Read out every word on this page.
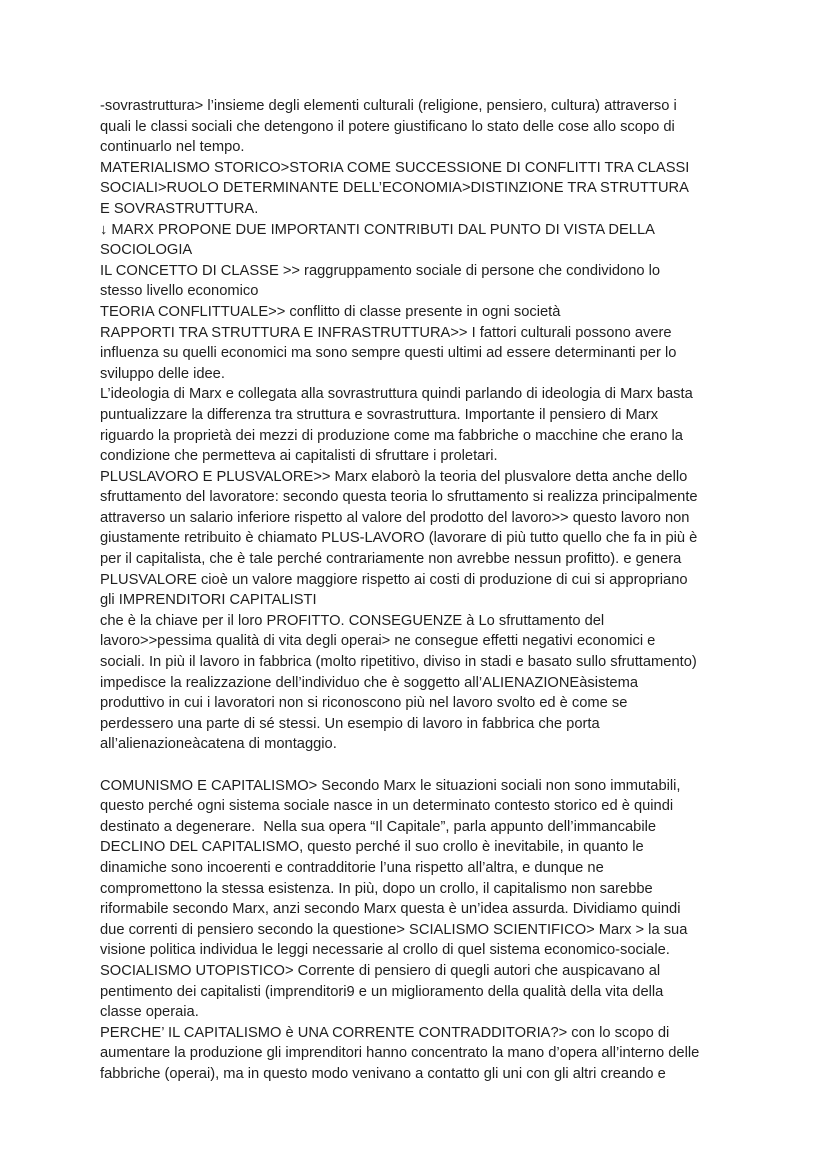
-sovrastruttura> l’insieme degli elementi culturali (religione, pensiero, cultura) attraverso i

quali le classi sociali che detengono il potere giustificano lo stato delle cose allo scopo di

continuarlo nel tempo.

MATERIALISMO STORICO>STORIA COME SUCCESSIONE DI CONFLITTI TRA CLASSI

SOCIALI>RUOLO DETERMINANTE DELL’ECONOMIA>DISTINZIONE TRA STRUTTURA

E SOVRASTRUTTURA.

↓ MARX PROPONE DUE IMPORTANTI CONTRIBUTI DAL PUNTO DI VISTA DELLA

SOCIOLOGIA

IL CONCETTO DI CLASSE >> raggruppamento sociale di persone che condividono lo

stesso livello economico

TEORIA CONFLITTUALE>> conflitto di classe presente in ogni società

RAPPORTI TRA STRUTTURA E INFRASTRUTTURA>> I fattori culturali possono avere

influenza su quelli economici ma sono sempre questi ultimi ad essere determinanti per lo

sviluppo delle idee.

L’ideologia di Marx e collegata alla sovrastruttura quindi parlando di ideologia di Marx basta

puntualizzare la differenza tra struttura e sovrastruttura. Importante il pensiero di Marx

riguardo la proprietà dei mezzi di produzione come ma fabbriche o macchine che erano la

condizione che permetteva ai capitalisti di sfruttare i proletari.

PLUSLAVORO E PLUSVALORE>> Marx elaborò la teoria del plusvalore detta anche dello

sfruttamento del lavoratore: secondo questa teoria lo sfruttamento si realizza principalmente

attraverso un salario inferiore rispetto al valore del prodotto del lavoro>> questo lavoro non

giustamente retribuito è chiamato PLUS-LAVORO (lavorare di più tutto quello che fa in più è

per il capitalista, che è tale perché contrariamente non avrebbe nessun profitto). e genera

PLUSVALORE cioè un valore maggiore rispetto ai costi di produzione di cui si appropriano

gli IMPRENDITORI CAPITALISTI

che è la chiave per il loro PROFITTO. CONSEGUENZE à Lo sfruttamento del

lavoro>>pessima qualità di vita degli operai> ne consegue effetti negativi economici e

sociali. In più il lavoro in fabbrica (molto ripetitivo, diviso in stadi e basato sullo sfruttamento)

impedisce la realizzazione dell’individuo che è soggetto all’ALIENAZIONEàsistema

produttivo in cui i lavoratori non si riconoscono più nel lavoro svolto ed è come se

perdessero una parte di sé stessi. Un esempio di lavoro in fabbrica che porta

all’alienazioneàcatena di montaggio.

COMUNISMO E CAPITALISMO> Secondo Marx le situazioni sociali non sono immutabili,

questo perché ogni sistema sociale nasce in un determinato contesto storico ed è quindi

destinato a degenerare.  Nella sua opera “Il Capitale”, parla appunto dell’immancabile

DECLINO DEL CAPITALISMO, questo perché il suo crollo è inevitabile, in quanto le

dinamiche sono incoerenti e contradditorie l’una rispetto all’altra, e dunque ne

compromettono la stessa esistenza. In più, dopo un crollo, il capitalismo non sarebbe

riformabile secondo Marx, anzi secondo Marx questa è un’idea assurda. Dividiamo quindi

due correnti di pensiero secondo la questione> SCIALISMO SCIENTIFICO> Marx > la sua

visione politica individua le leggi necessarie al crollo di quel sistema economico-sociale.

SOCIALISMO UTOPISTICO> Corrente di pensiero di quegli autori che auspicavano al

pentimento dei capitalisti (imprenditori9 e un miglioramento della qualità della vita della

classe operaia.

PERCHE’ IL CAPITALISMO è UNA CORRENTE CONTRADDITORIA?> con lo scopo di

aumentare la produzione gli imprenditori hanno concentrato la mano d’opera all’interno delle

fabbriche (operai), ma in questo modo venivano a contatto gli uni con gli altri creando e
